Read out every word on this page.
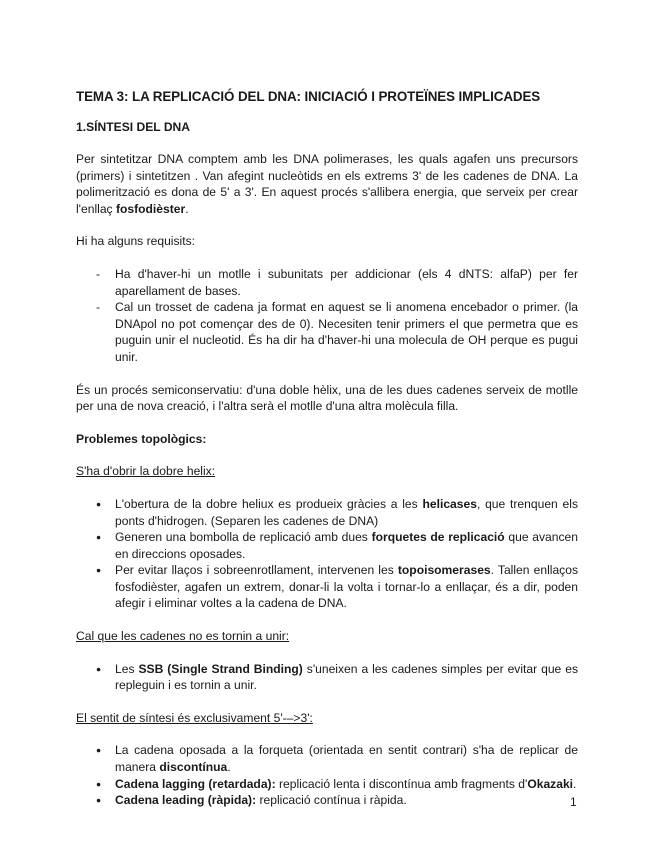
TEMA 3: LA REPLICACIÓ DEL DNA: INICIACIÓ I PROTEÏNES IMPLICADES
1.SÍNTESI DEL DNA

Per sintetitzar DNA comptem amb les DNA polimerases, les quals agafen uns precursors (primers) i sintetitzen . Van afegint nucleòtids en els extrems 3' de les cadenes de DNA. La polimerització es dona de 5' a 3'. En aquest procés s'allibera energia, que serveix per crear l'enllaç fosfodièster.

Hi ha alguns requisits:

- Ha d'haver-hi un motlle i subunitats per addicionar (els 4 dNTS: alfaP) per fer aparellament de bases.
- Cal un trosset de cadena ja format en aquest se li anomena encebador o primer. (la DNApol no pot començar des de 0). Necesiten tenir primers el que permetra que es puguin unir el nucleotid. És ha dir ha d'haver-hi una molecula de OH perque es pugui unir.

És un procés semiconservatiu: d'una doble hèlix, una de les dues cadenes serveix de motlle per una de nova creació, i l'altra serà el motlle d'una altra molècula filla.

Problemes topològics:

S'ha d'obrir la dobre helix:

● L'obertura de la dobre heliux es produeix gràcies a les helicases, que trenquen els ponts d'hidrogen. (Separen les cadenes de DNA)
● Generen una bombolla de replicació amb dues forquetes de replicació que avancen en direccions oposades.
● Per evitar llaços i sobreenrotllament, intervenen les topoisomerases. Tallen enllaços fosfodièster, agafen un extrem, donar-li la volta i tornar-lo a enllaçar, és a dir, poden afegir i eliminar voltes a la cadena de DNA.

Cal que les cadenes no es tornin a unir:

● Les SSB (Single Strand Binding) s'uneixen a les cadenes simples per evitar que es repleguin i es tornin a unir.

El sentit de síntesi és exclusivament 5'-–>3':

● La cadena oposada a la forqueta (orientada en sentit contrari) s'ha de replicar de manera discontínua.
● Cadena lagging (retardada): replicació lenta i discontínua amb fragments d'Okazaki.
● Cadena leading (ràpida): replicació contínua i ràpida.	1
